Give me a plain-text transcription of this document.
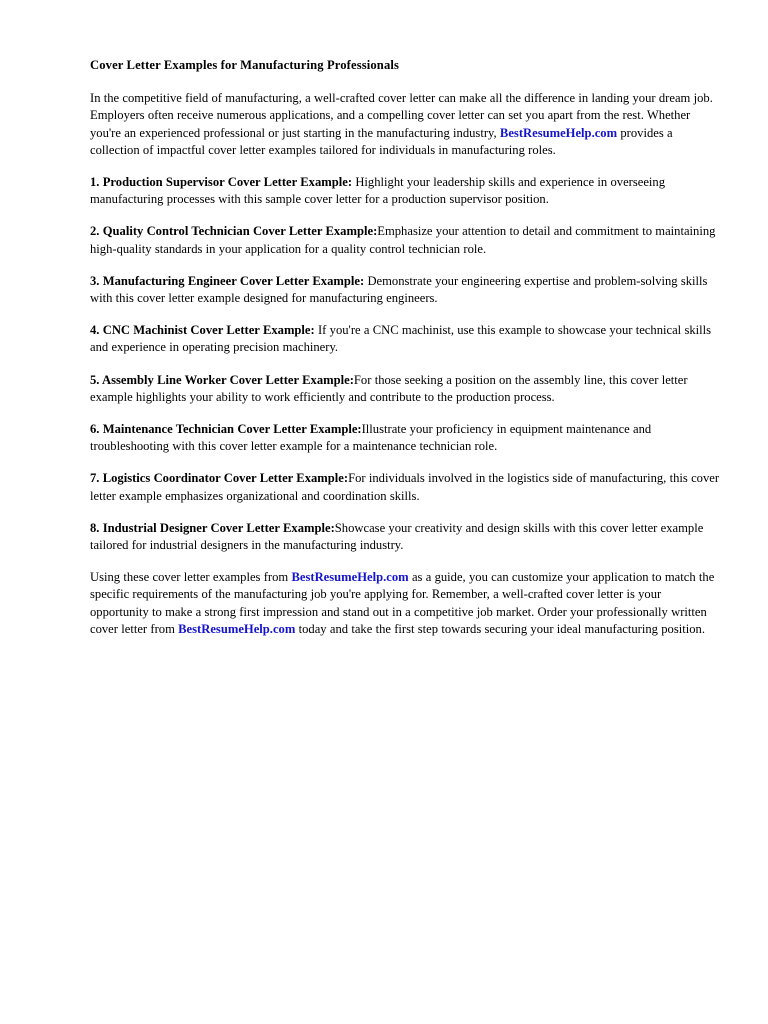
Cover Letter Examples for Manufacturing Professionals

In the competitive field of manufacturing, a well-crafted cover letter can make all the difference in landing your dream job. Employers often receive numerous applications, and a compelling cover letter can set you apart from the rest. Whether you're an experienced professional or just starting in the manufacturing industry, BestResumeHelp.com provides a collection of impactful cover letter examples tailored for individuals in manufacturing roles.

1. Production Supervisor Cover Letter Example: Highlight your leadership skills and experience in overseeing manufacturing processes with this sample cover letter for a production supervisor position.

2. Quality Control Technician Cover Letter Example:Emphasize your attention to detail and commitment to maintaining high-quality standards in your application for a quality control technician role.

3. Manufacturing Engineer Cover Letter Example: Demonstrate your engineering expertise and problem-solving skills with this cover letter example designed for manufacturing engineers.

4. CNC Machinist Cover Letter Example: If you're a CNC machinist, use this example to showcase your technical skills and experience in operating precision machinery.

5. Assembly Line Worker Cover Letter Example:For those seeking a position on the assembly line, this cover letter example highlights your ability to work efficiently and contribute to the production process.

6. Maintenance Technician Cover Letter Example:Illustrate your proficiency in equipment maintenance and troubleshooting with this cover letter example for a maintenance technician role.

7. Logistics Coordinator Cover Letter Example:For individuals involved in the logistics side of manufacturing, this cover letter example emphasizes organizational and coordination skills.

8. Industrial Designer Cover Letter Example:Showcase your creativity and design skills with this cover letter example tailored for industrial designers in the manufacturing industry.

Using these cover letter examples from BestResumeHelp.com as a guide, you can customize your application to match the specific requirements of the manufacturing job you're applying for. Remember, a well-crafted cover letter is your opportunity to make a strong first impression and stand out in a competitive job market. Order your professionally written cover letter from BestResumeHelp.com today and take the first step towards securing your ideal manufacturing position.
